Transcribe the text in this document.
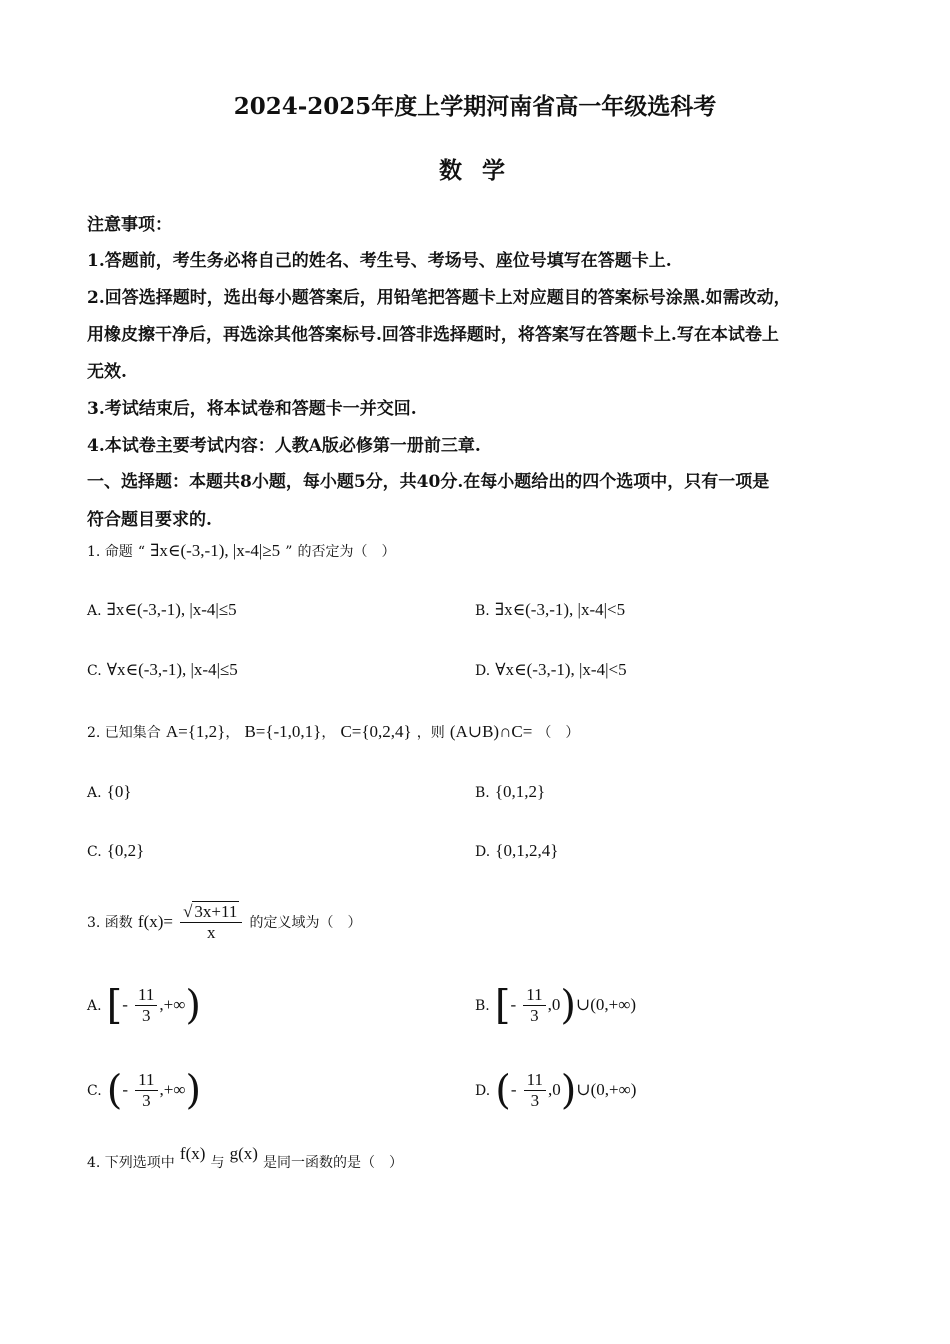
2024-2025年度上学期河南省高一年级选科考
数 学
注意事项：
1.答题前，考生务必将自己的姓名、考生号、考场号、座位号填写在答题卡上.
2.回答选择题时，选出每小题答案后，用铅笔把答题卡上对应题目的答案标号涂黑.如需改动，
用橡皮擦干净后，再选涂其他答案标号.回答非选择题时，将答案写在答题卡上.写在本试卷上
无效.
3.考试结束后，将本试卷和答题卡一并交回.
4.本试卷主要考试内容：人教A版必修第一册前三章.
一、选择题：本题共8小题，每小题5分，共40分.在每小题给出的四个选项中，只有一项是
符合题目要求的.
1. 命题 “ ∃x∈(-3,-1), |x-4|≥5 ” 的否定为（　）
A. ∃x∈(-3,-1), |x-4|≤5	B. ∃x∈(-3,-1), |x-4|<5
C. ∀x∈(-3,-1), |x-4|≤5	D. ∀x∈(-3,-1), |x-4|<5
2. 已知集合 A={1,2}， B={-1,0,1}， C={0,2,4} ，则 (A∪B)∩C= （　）
A. {0}	B. {0,1,2}
C. {0,2}	D. {0,1,2,4}
3. 函数 $f(x)= \frac{√ 3x+11}{x}$ 的定义域为（　）
A. [- $\frac{11}{3}$ ,+∞)	B. [- $\frac{11}{3}$ ,0)∪(0,+∞)
C. (- $\frac{11}{3}$ ,+∞)	D. (- $\frac{11}{3}$ ,0)∪(0,+∞)
4. 下列选项中 f(x) 与 g(x) 是同一函数的是（　）
